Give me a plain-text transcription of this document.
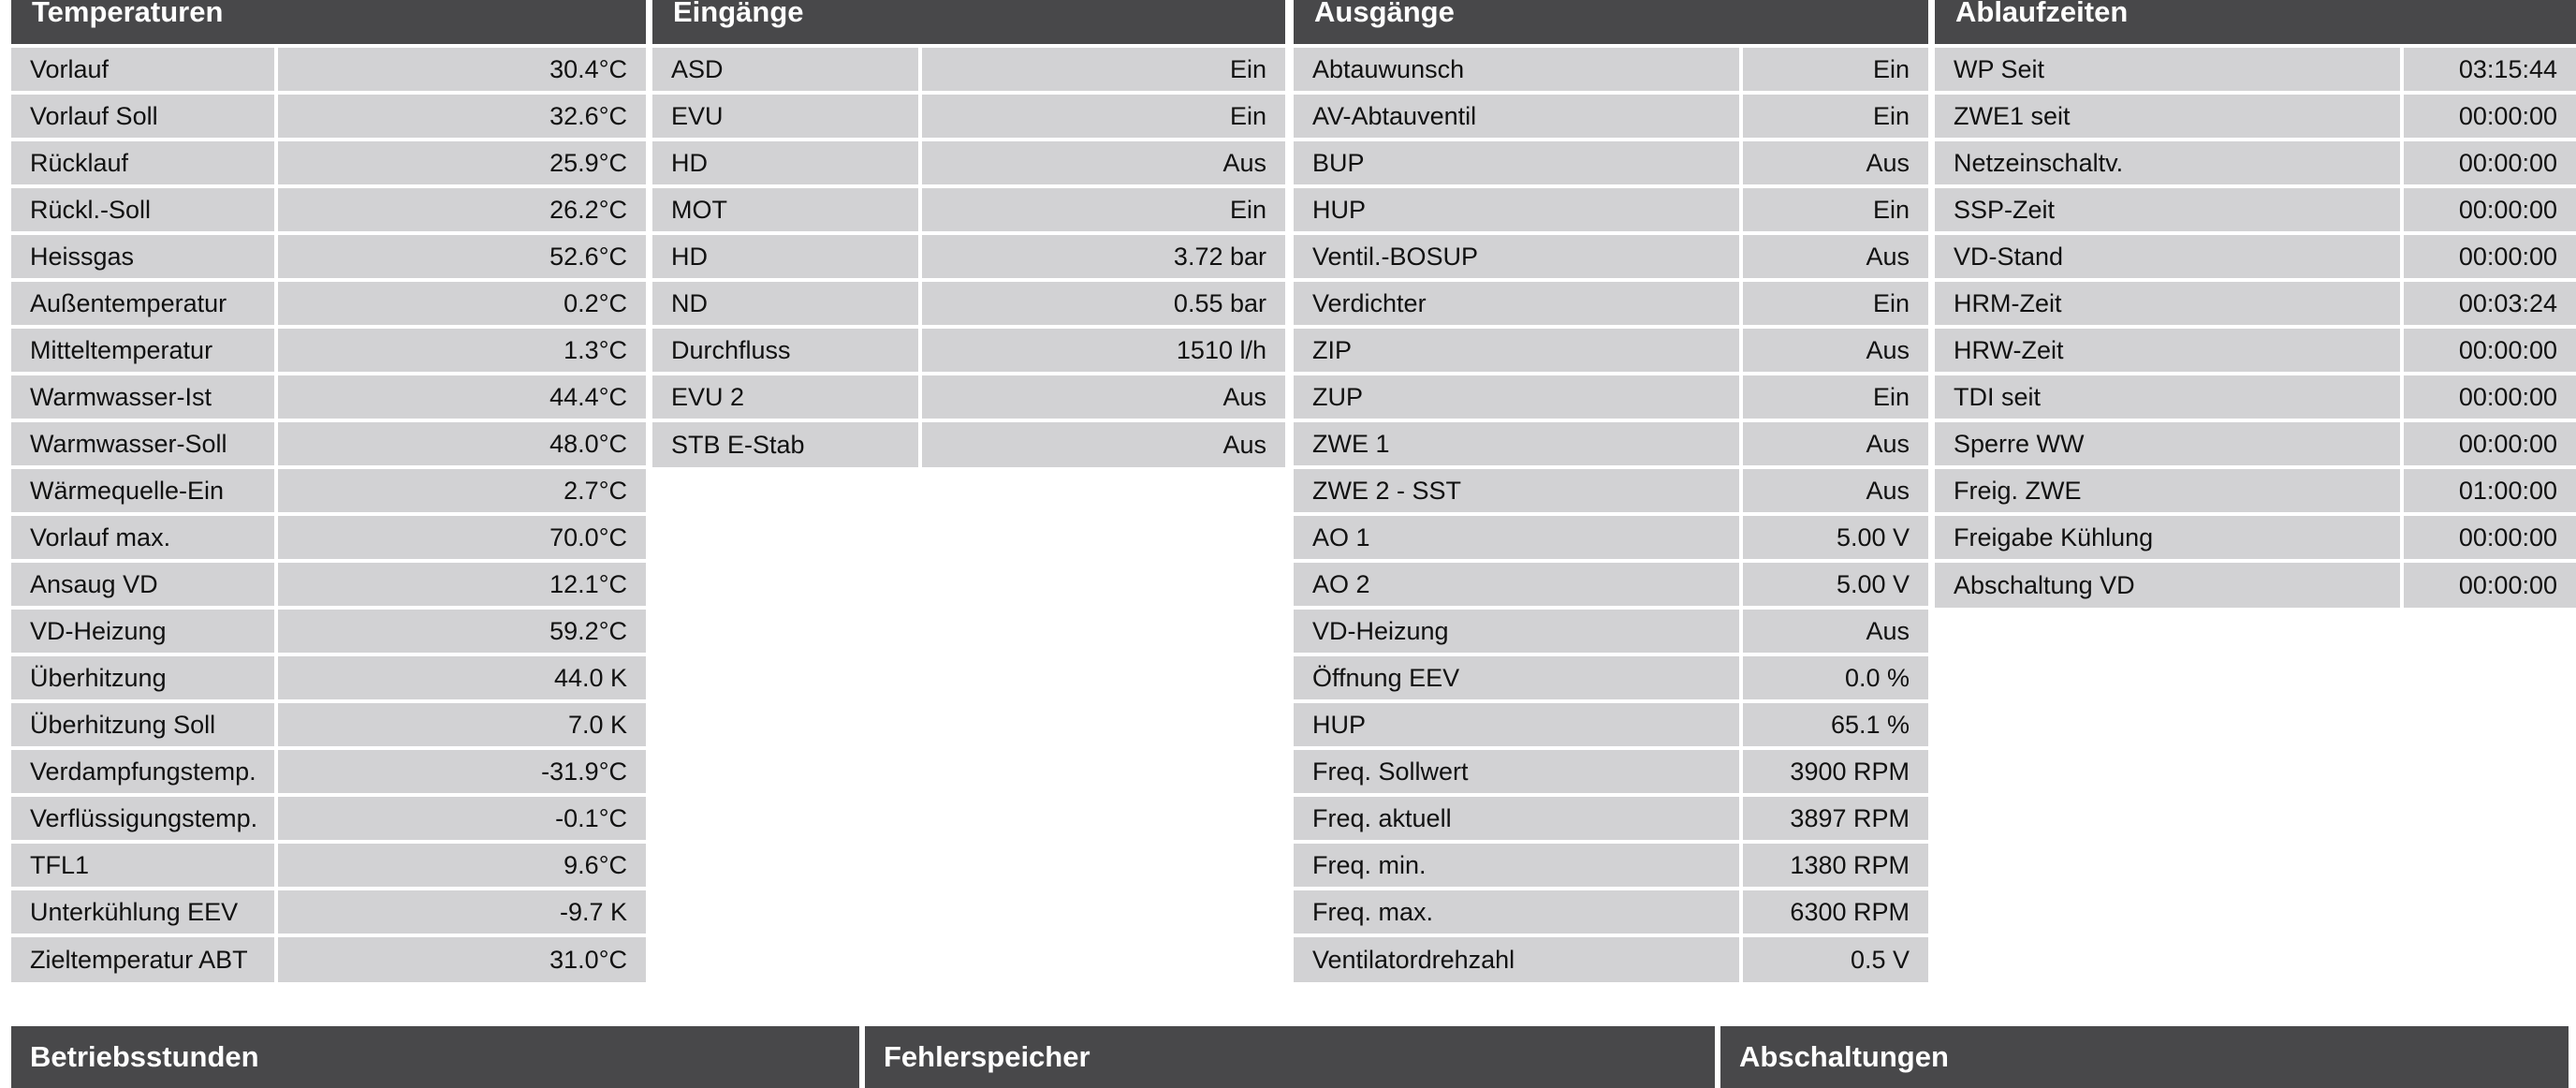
Temperaturen
Vorlauf	30.4°C
Vorlauf Soll	32.6°C
Rücklauf	25.9°C
Rückl.-Soll	26.2°C
Heissgas	52.6°C
Außentemperatur	0.2°C
Mitteltemperatur	1.3°C
Warmwasser-Ist	44.4°C
Warmwasser-Soll	48.0°C
Wärmequelle-Ein	2.7°C
Vorlauf max.	70.0°C
Ansaug VD	12.1°C
VD-Heizung	59.2°C
Überhitzung	44.0 K
Überhitzung Soll	7.0 K
Verdampfungstemp.	-31.9°C
Verflüssigungstemp.	-0.1°C
TFL1	9.6°C
Unterkühlung EEV	-9.7 K
Zieltemperatur ABT	31.0°C
Eingänge
ASD	Ein
EVU	Ein
HD	Aus
MOT	Ein
HD	3.72 bar
ND	0.55 bar
Durchfluss	1510 l/h
EVU 2	Aus
STB E-Stab	Aus
Ausgänge
Abtauwunsch	Ein
AV-Abtauventil	Ein
BUP	Aus
HUP	Ein
Ventil.-BOSUP	Aus
Verdichter	Ein
ZIP	Aus
ZUP	Ein
ZWE 1	Aus
ZWE 2 - SST	Aus
AO 1	5.00 V
AO 2	5.00 V
VD-Heizung	Aus
Öffnung EEV	0.0 %
HUP	65.1 %
Freq. Sollwert	3900 RPM
Freq. aktuell	3897 RPM
Freq. min.	1380 RPM
Freq. max.	6300 RPM
Ventilatordrehzahl	0.5 V
Ablaufzeiten
WP Seit	03:15:44
ZWE1 seit	00:00:00
Netzeinschaltv.	00:00:00
SSP-Zeit	00:00:00
VD-Stand	00:00:00
HRM-Zeit	00:03:24
HRW-Zeit	00:00:00
TDI seit	00:00:00
Sperre WW	00:00:00
Freig. ZWE	01:00:00
Freigabe Kühlung	00:00:00
Abschaltung VD	00:00:00
Betriebsstunden	Fehlerspeicher	Abschaltungen
